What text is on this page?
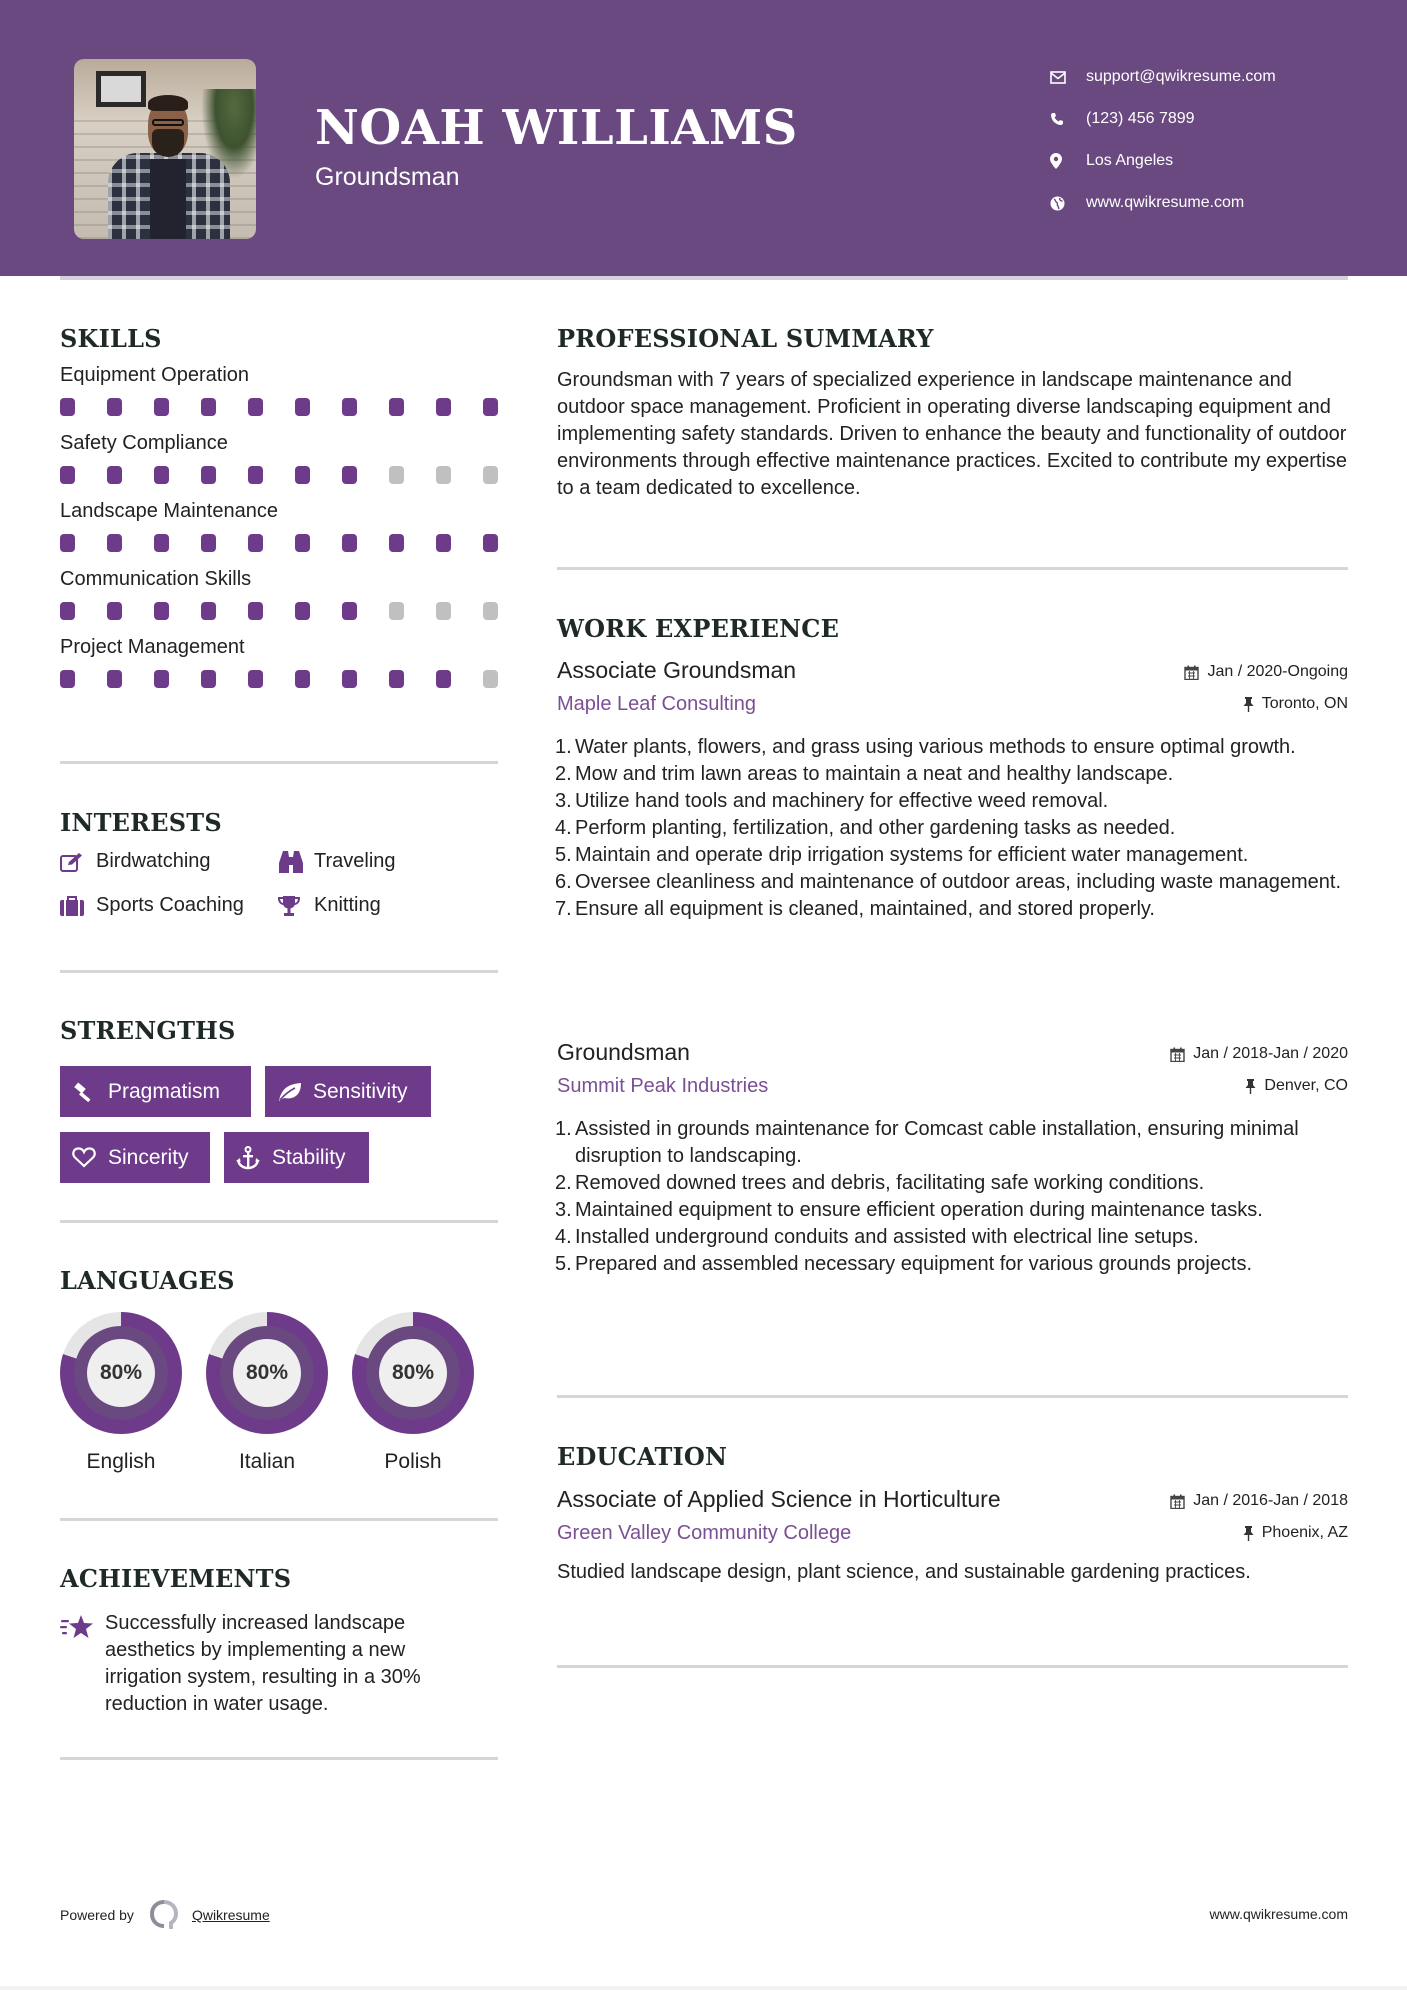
NOAH WILLIAMS
Groundsman
support@qwikresume.com
(123) 456 7899
Los Angeles
www.qwikresume.com
SKILLS
Equipment Operation
Safety Compliance
Landscape Maintenance
Communication Skills
Project Management
INTERESTS
Birdwatching	Traveling
Sports Coaching	Knitting
STRENGTHS
Pragmatism	Sensitivity
Sincerity	Stability
LANGUAGES
80%
English
80%
Italian
80%
Polish
ACHIEVEMENTS
Successfully increased landscape aesthetics by implementing a new irrigation system, resulting in a 30% reduction in water usage.
PROFESSIONAL SUMMARY
Groundsman with 7 years of specialized experience in landscape maintenance and outdoor space management. Proficient in operating diverse landscaping equipment and implementing safety standards. Driven to enhance the beauty and functionality of outdoor environments through effective maintenance practices. Excited to contribute my expertise to a team dedicated to excellence.
WORK EXPERIENCE
Associate Groundsman
Maple Leaf Consulting
Jan / 2020-Ongoing
Toronto, ON
Water plants, flowers, and grass using various methods to ensure optimal growth.
Mow and trim lawn areas to maintain a neat and healthy landscape.
Utilize hand tools and machinery for effective weed removal.
Perform planting, fertilization, and other gardening tasks as needed.
Maintain and operate drip irrigation systems for efficient water management.
Oversee cleanliness and maintenance of outdoor areas, including waste management.
Ensure all equipment is cleaned, maintained, and stored properly.
Groundsman
Summit Peak Industries
Jan / 2018-Jan / 2020
Denver, CO
Assisted in grounds maintenance for Comcast cable installation, ensuring minimal disruption to landscaping.
Removed downed trees and debris, facilitating safe working conditions.
Maintained equipment to ensure efficient operation during maintenance tasks.
Installed underground conduits and assisted with electrical line setups.
Prepared and assembled necessary equipment for various grounds projects.
EDUCATION
Associate of Applied Science in Horticulture
Green Valley Community College
Jan / 2016-Jan / 2018
Phoenix, AZ
Studied landscape design, plant science, and sustainable gardening practices.
Powered by	Qwikresume	www.qwikresume.com
